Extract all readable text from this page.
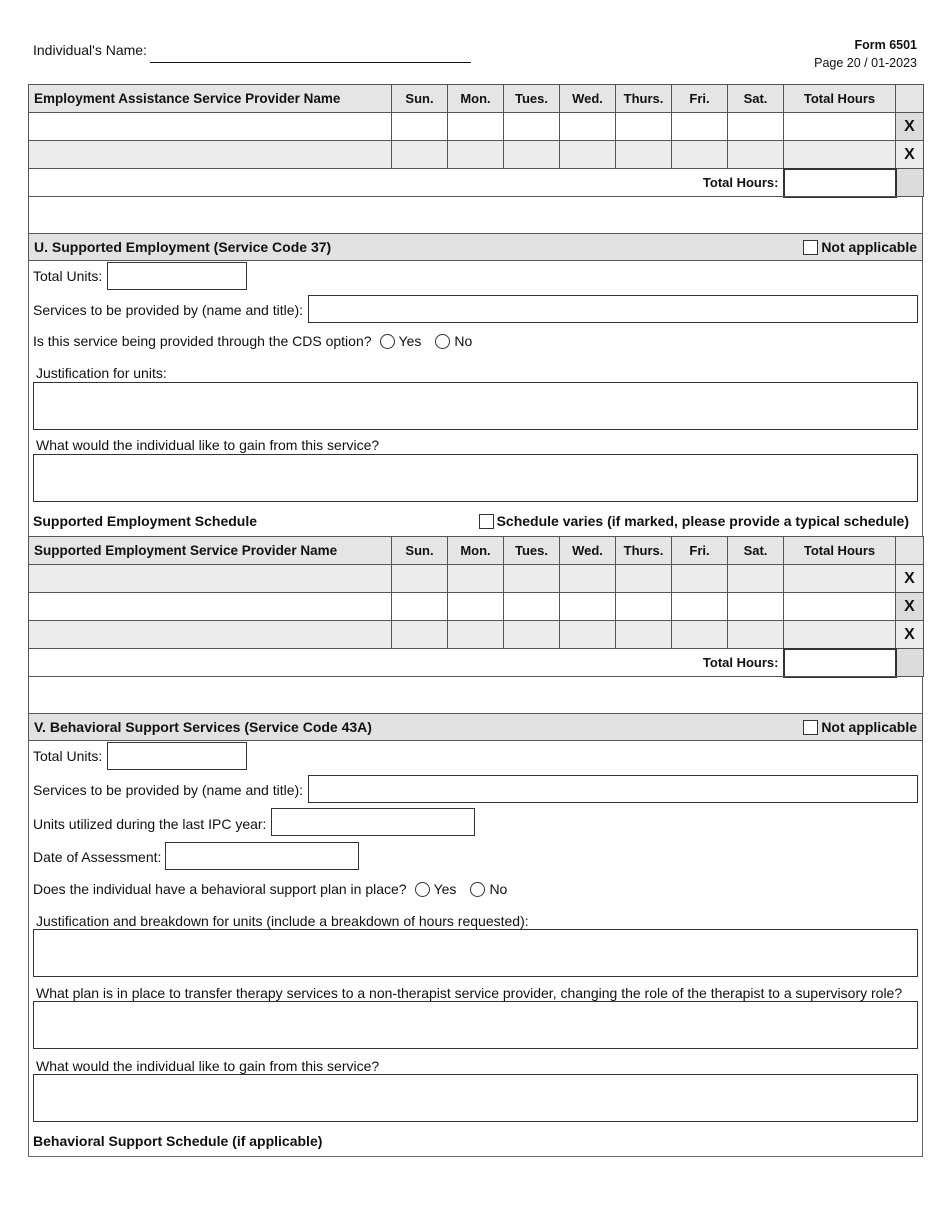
Individual's Name:	Form 6501
Page 20 / 01-2023
Employment Assistance Service Provider Name	Sun.	Mon.	Tues.	Wed.	Thurs.	Fri.	Sat.	Total Hours	
									X
									X
Total Hours:									
U. Supported Employment (Service Code 37)	Not applicable
Total Units:
Services to be provided by (name and title):
Is this service being provided through the CDS option? Yes No
Justification for units:
What would the individual like to gain from this service?
Supported Employment Schedule	Schedule varies (if marked, please provide a typical schedule)
Supported Employment Service Provider Name	Sun.	Mon.	Tues.	Wed.	Thurs.	Fri.	Sat.	Total Hours	
									X
									X
									X
Total Hours:									
V. Behavioral Support Services (Service Code 43A)	Not applicable
Total Units:
Services to be provided by (name and title):
Units utilized during the last IPC year:
Date of Assessment:
Does the individual have a behavioral support plan in place? Yes No
Justification and breakdown for units (include a breakdown of hours requested):
What plan is in place to transfer therapy services to a non-therapist service provider, changing the role of the therapist to a supervisory role?
What would the individual like to gain from this service?
Behavioral Support Schedule (if applicable)
